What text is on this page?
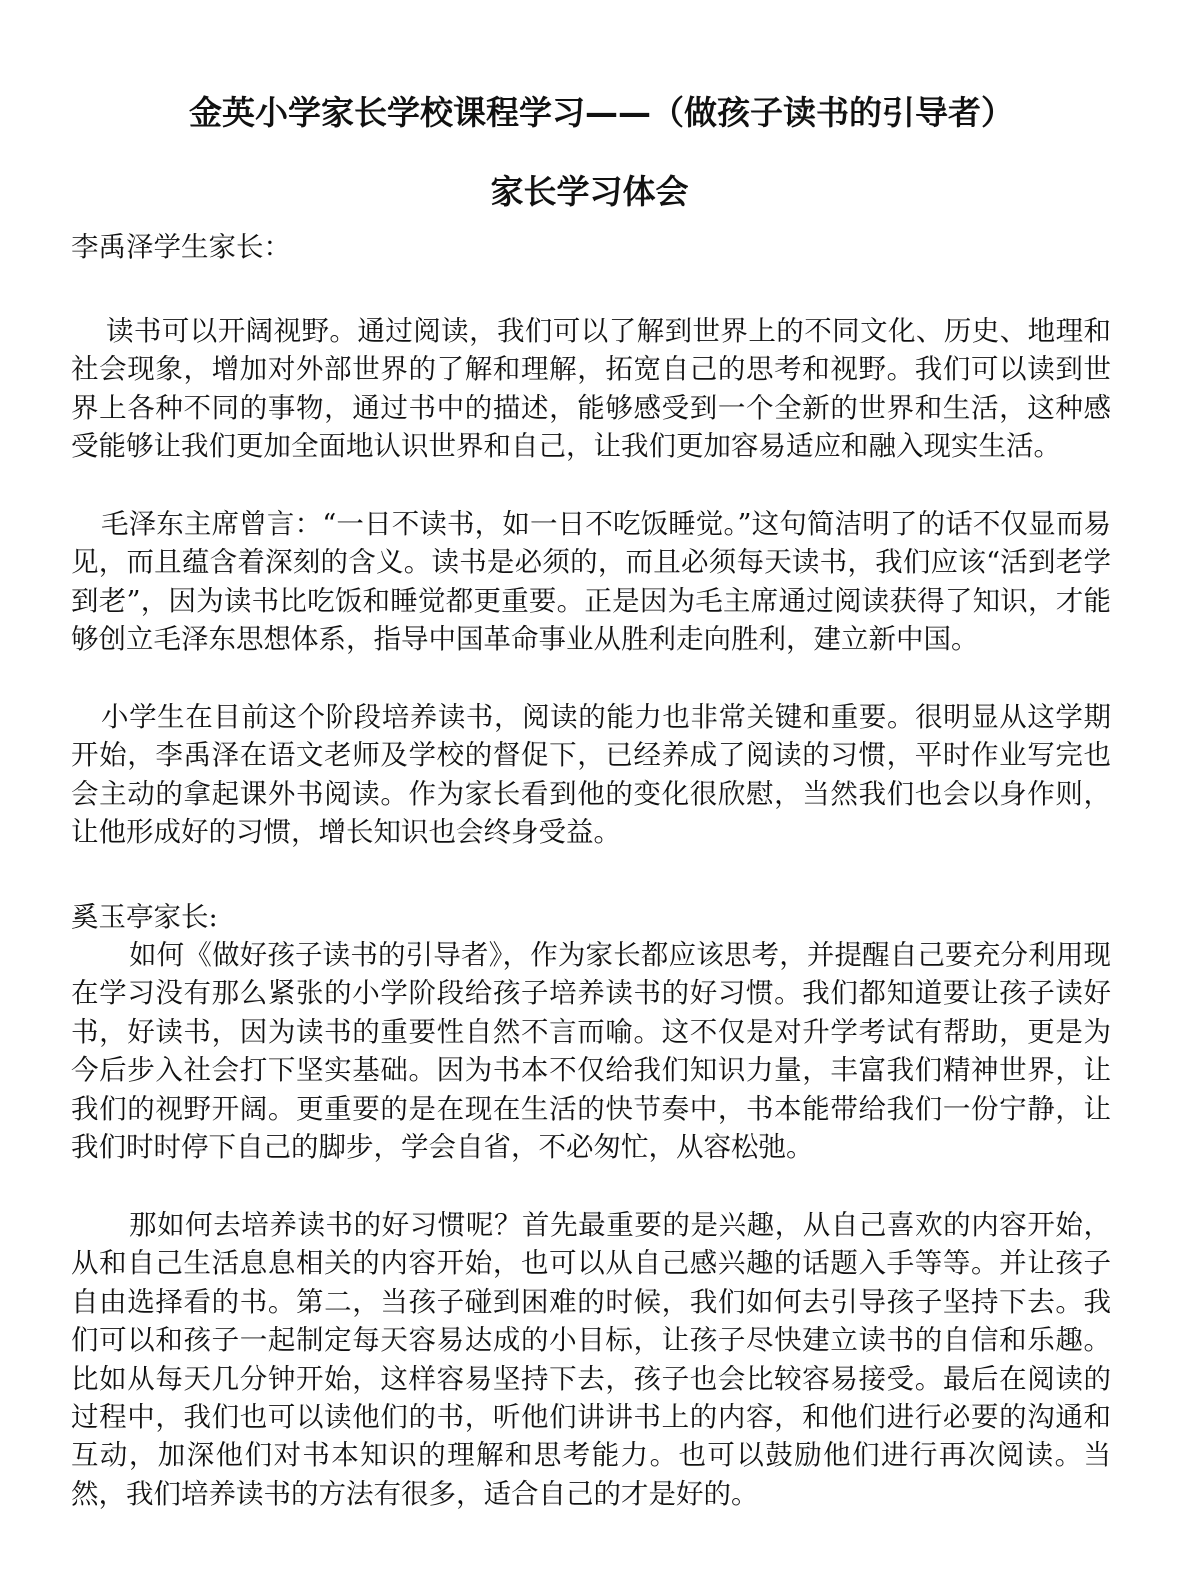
金英小学家长学校课程学习——（做孩子读书的引导者）
家长学习体会

李禹泽学生家长：

读书可以开阔视野。通过阅读，我们可以了解到世界上的不同文化、历史、地理和社会现象，增加对外部世界的了解和理解，拓宽自己的思考和视野。我们可以读到世界上各种不同的事物，通过书中的描述，能够感受到一个全新的世界和生活，这种感受能够让我们更加全面地认识世界和自己，让我们更加容易适应和融入现实生活。

毛泽东主席曾言：“一日不读书，如一日不吃饭睡觉。”这句简洁明了的话不仅显而易见，而且蕴含着深刻的含义。读书是必须的，而且必须每天读书，我们应该“活到老学到老”，因为读书比吃饭和睡觉都更重要。正是因为毛主席通过阅读获得了知识，才能够创立毛泽东思想体系，指导中国革命事业从胜利走向胜利，建立新中国。

小学生在目前这个阶段培养读书，阅读的能力也非常关键和重要。很明显从这学期开始，李禹泽在语文老师及学校的督促下，已经养成了阅读的习惯，平时作业写完也会主动的拿起课外书阅读。作为家长看到他的变化很欣慰，当然我们也会以身作则，让他形成好的习惯，增长知识也会终身受益。

奚玉亭家长:

如何《做好孩子读书的引导者》，作为家长都应该思考，并提醒自己要充分利用现在学习没有那么紧张的小学阶段给孩子培养读书的好习惯。我们都知道要让孩子读好书，好读书，因为读书的重要性自然不言而喻。这不仅是对升学考试有帮助，更是为今后步入社会打下坚实基础。因为书本不仅给我们知识力量，丰富我们精神世界，让我们的视野开阔。更重要的是在现在生活的快节奏中，书本能带给我们一份宁静，让我们时时停下自己的脚步，学会自省，不必匆忙，从容松弛。

那如何去培养读书的好习惯呢？首先最重要的是兴趣，从自己喜欢的内容开始，从和自己生活息息相关的内容开始，也可以从自己感兴趣的话题入手等等。并让孩子自由选择看的书。第二，当孩子碰到困难的时候，我们如何去引导孩子坚持下去。我们可以和孩子一起制定每天容易达成的小目标，让孩子尽快建立读书的自信和乐趣。比如从每天几分钟开始，这样容易坚持下去，孩子也会比较容易接受。最后在阅读的过程中，我们也可以读他们的书，听他们讲讲书上的内容，和他们进行必要的沟通和互动，加深他们对书本知识的理解和思考能力。也可以鼓励他们进行再次阅读。当然，我们培养读书的方法有很多，适合自己的才是好的。
